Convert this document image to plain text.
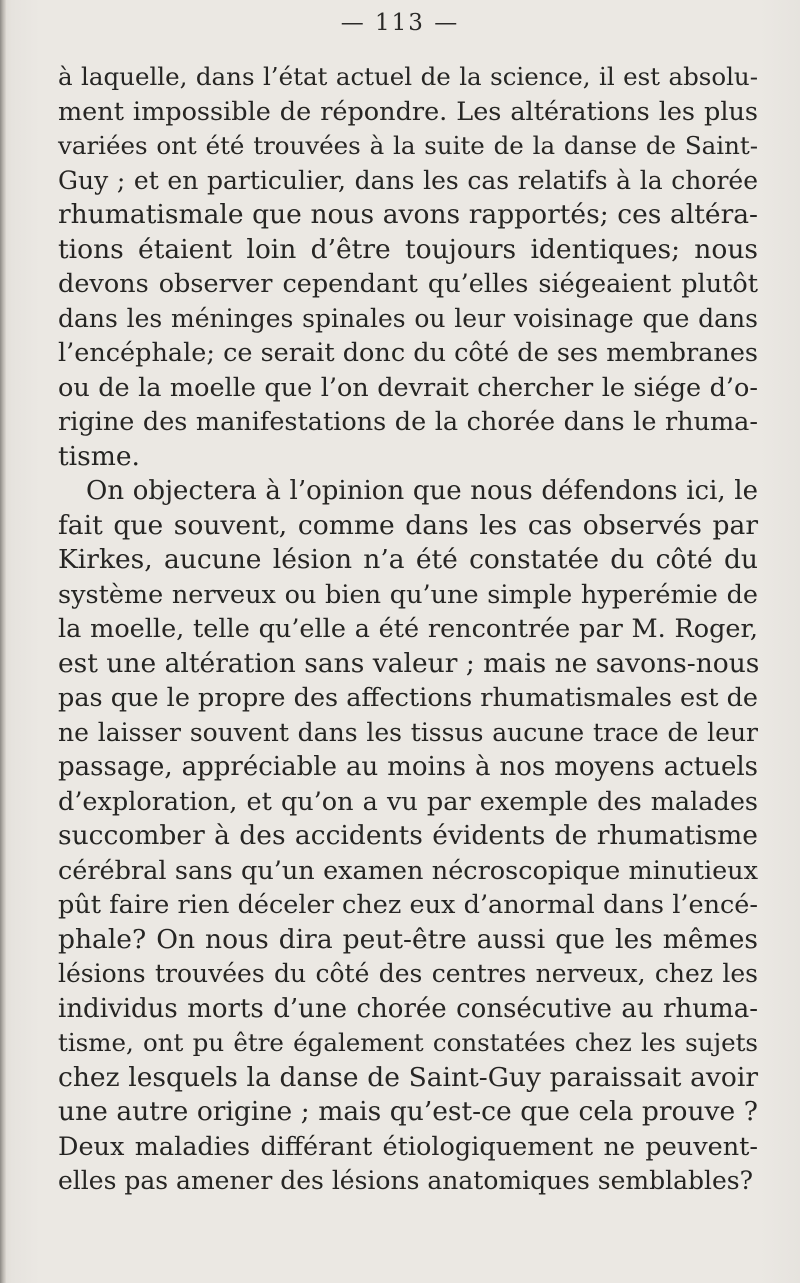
— 113 —
à laquelle, dans l’état actuel de la science, il est absolu-
ment impossible de répondre. Les altérations les plus
variées ont été trouvées à la suite de la danse de Saint-
Guy ; et en particulier, dans les cas relatifs à la chorée
rhumatismale que nous avons rapportés; ces altéra-
tions étaient loin d’être toujours identiques; nous
devons observer cependant qu’elles siégeaient plutôt
dans les méninges spinales ou leur voisinage que dans
l’encéphale; ce serait donc du côté de ses membranes
ou de la moelle que l’on devrait chercher le siége d’o-
rigine des manifestations de la chorée dans le rhuma-
tisme.
On objectera à l’opinion que nous défendons ici, le
fait que souvent, comme dans les cas observés par
Kirkes, aucune lésion n’a été constatée du côté du
système nerveux ou bien qu’une simple hyperémie de
la moelle, telle qu’elle a été rencontrée par M. Roger,
est une altération sans valeur ; mais ne savons-nous
pas que le propre des affections rhumatismales est de
ne laisser souvent dans les tissus aucune trace de leur
passage, appréciable au moins à nos moyens actuels
d’exploration, et qu’on a vu par exemple des malades
succomber à des accidents évidents de rhumatisme
cérébral sans qu’un examen nécroscopique minutieux
pût faire rien déceler chez eux d’anormal dans l’encé-
phale? On nous dira peut-être aussi que les mêmes
lésions trouvées du côté des centres nerveux, chez les
individus morts d’une chorée consécutive au rhuma-
tisme, ont pu être également constatées chez les sujets
chez lesquels la danse de Saint-Guy paraissait avoir
une autre origine ; mais qu’est-ce que cela prouve ?
Deux maladies différant étiologiquement ne peuvent-
elles pas amener des lésions anatomiques semblables?
